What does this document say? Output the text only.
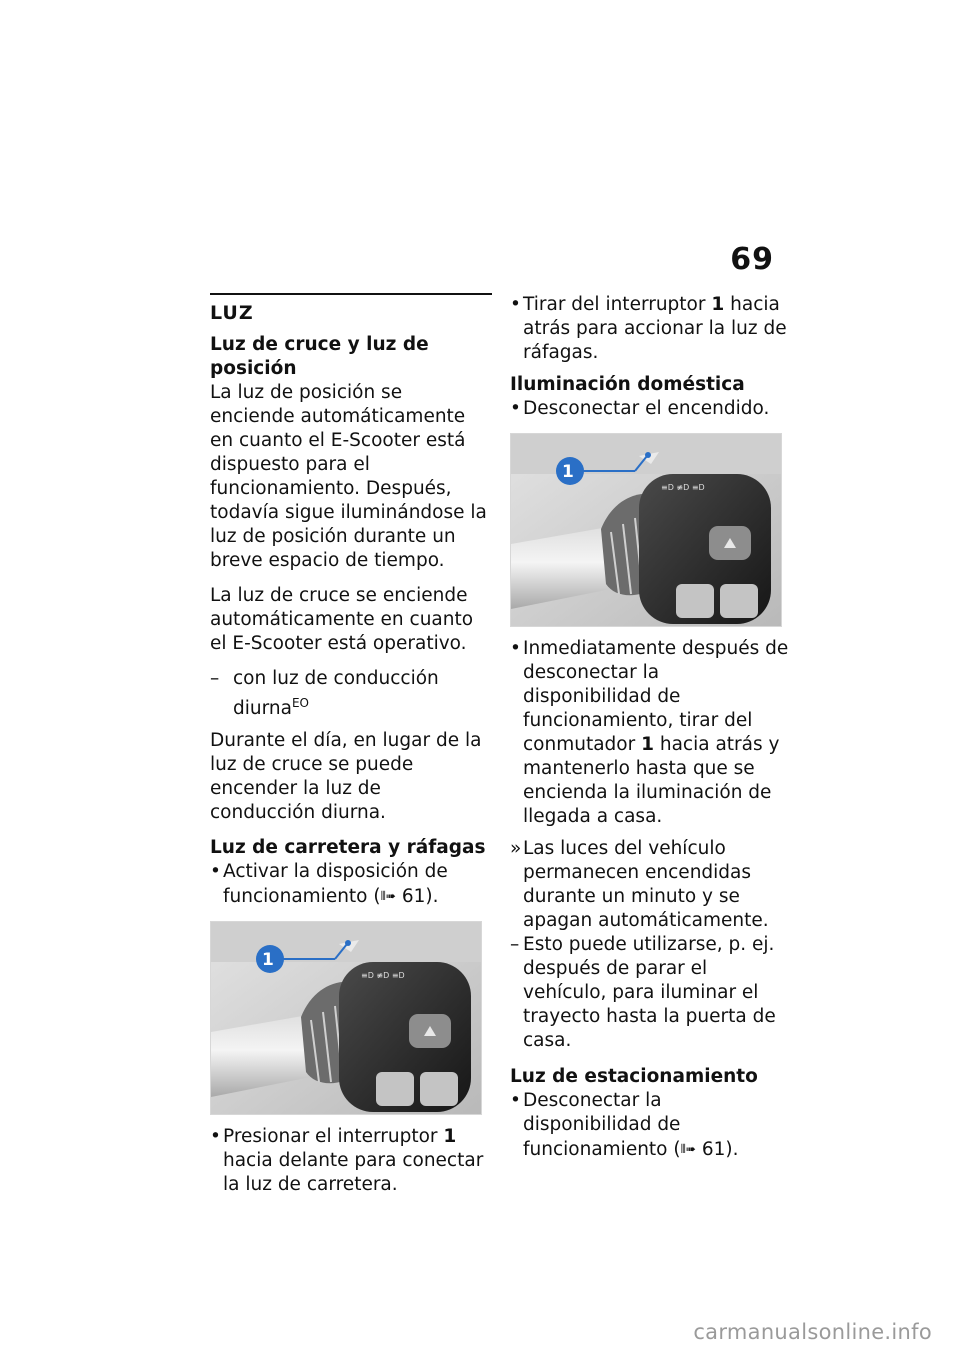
69
LUZ
Luz de cruce y luz de posición

La luz de posición se enciende automáticamente en cuanto el E-Scooter está dispuesto para el funcionamiento. Después, todavía sigue iluminándose la luz de posición durante un breve espacio de tiempo.

La luz de cruce se enciende automáticamente en cuanto el E-Scooter está operativo.

– con luz de conducción diurna$^{EO}$

Durante el día, en lugar de la luz de cruce se puede encender la luz de conducción diurna.

Luz de carretera y ráfagas
• Activar la disposición de funcionamiento (⦀➠ 61).
≡D ≢D ≡D
1
• Presionar el interruptor 1 hacia delante para conectar la luz de carretera.
• Tirar del interruptor 1 hacia atrás para accionar la luz de ráfagas.
Iluminación doméstica
• Desconectar el encendido.
≡D ≢D ≡D
1
• Inmediatamente después de desconectar la disponibilidad de funcionamiento, tirar del conmutador 1 hacia atrás y mantenerlo hasta que se encienda la iluminación de llegada a casa.
» Las luces del vehículo permanecen encendidas durante un minuto y se apagan automáticamente.
– Esto puede utilizarse, p. ej. después de parar el vehículo, para iluminar el trayecto hasta la puerta de casa.
Luz de estacionamiento
• Desconectar la disponibilidad de funcionamiento (⦀➠ 61).
carmanualsonline.info
